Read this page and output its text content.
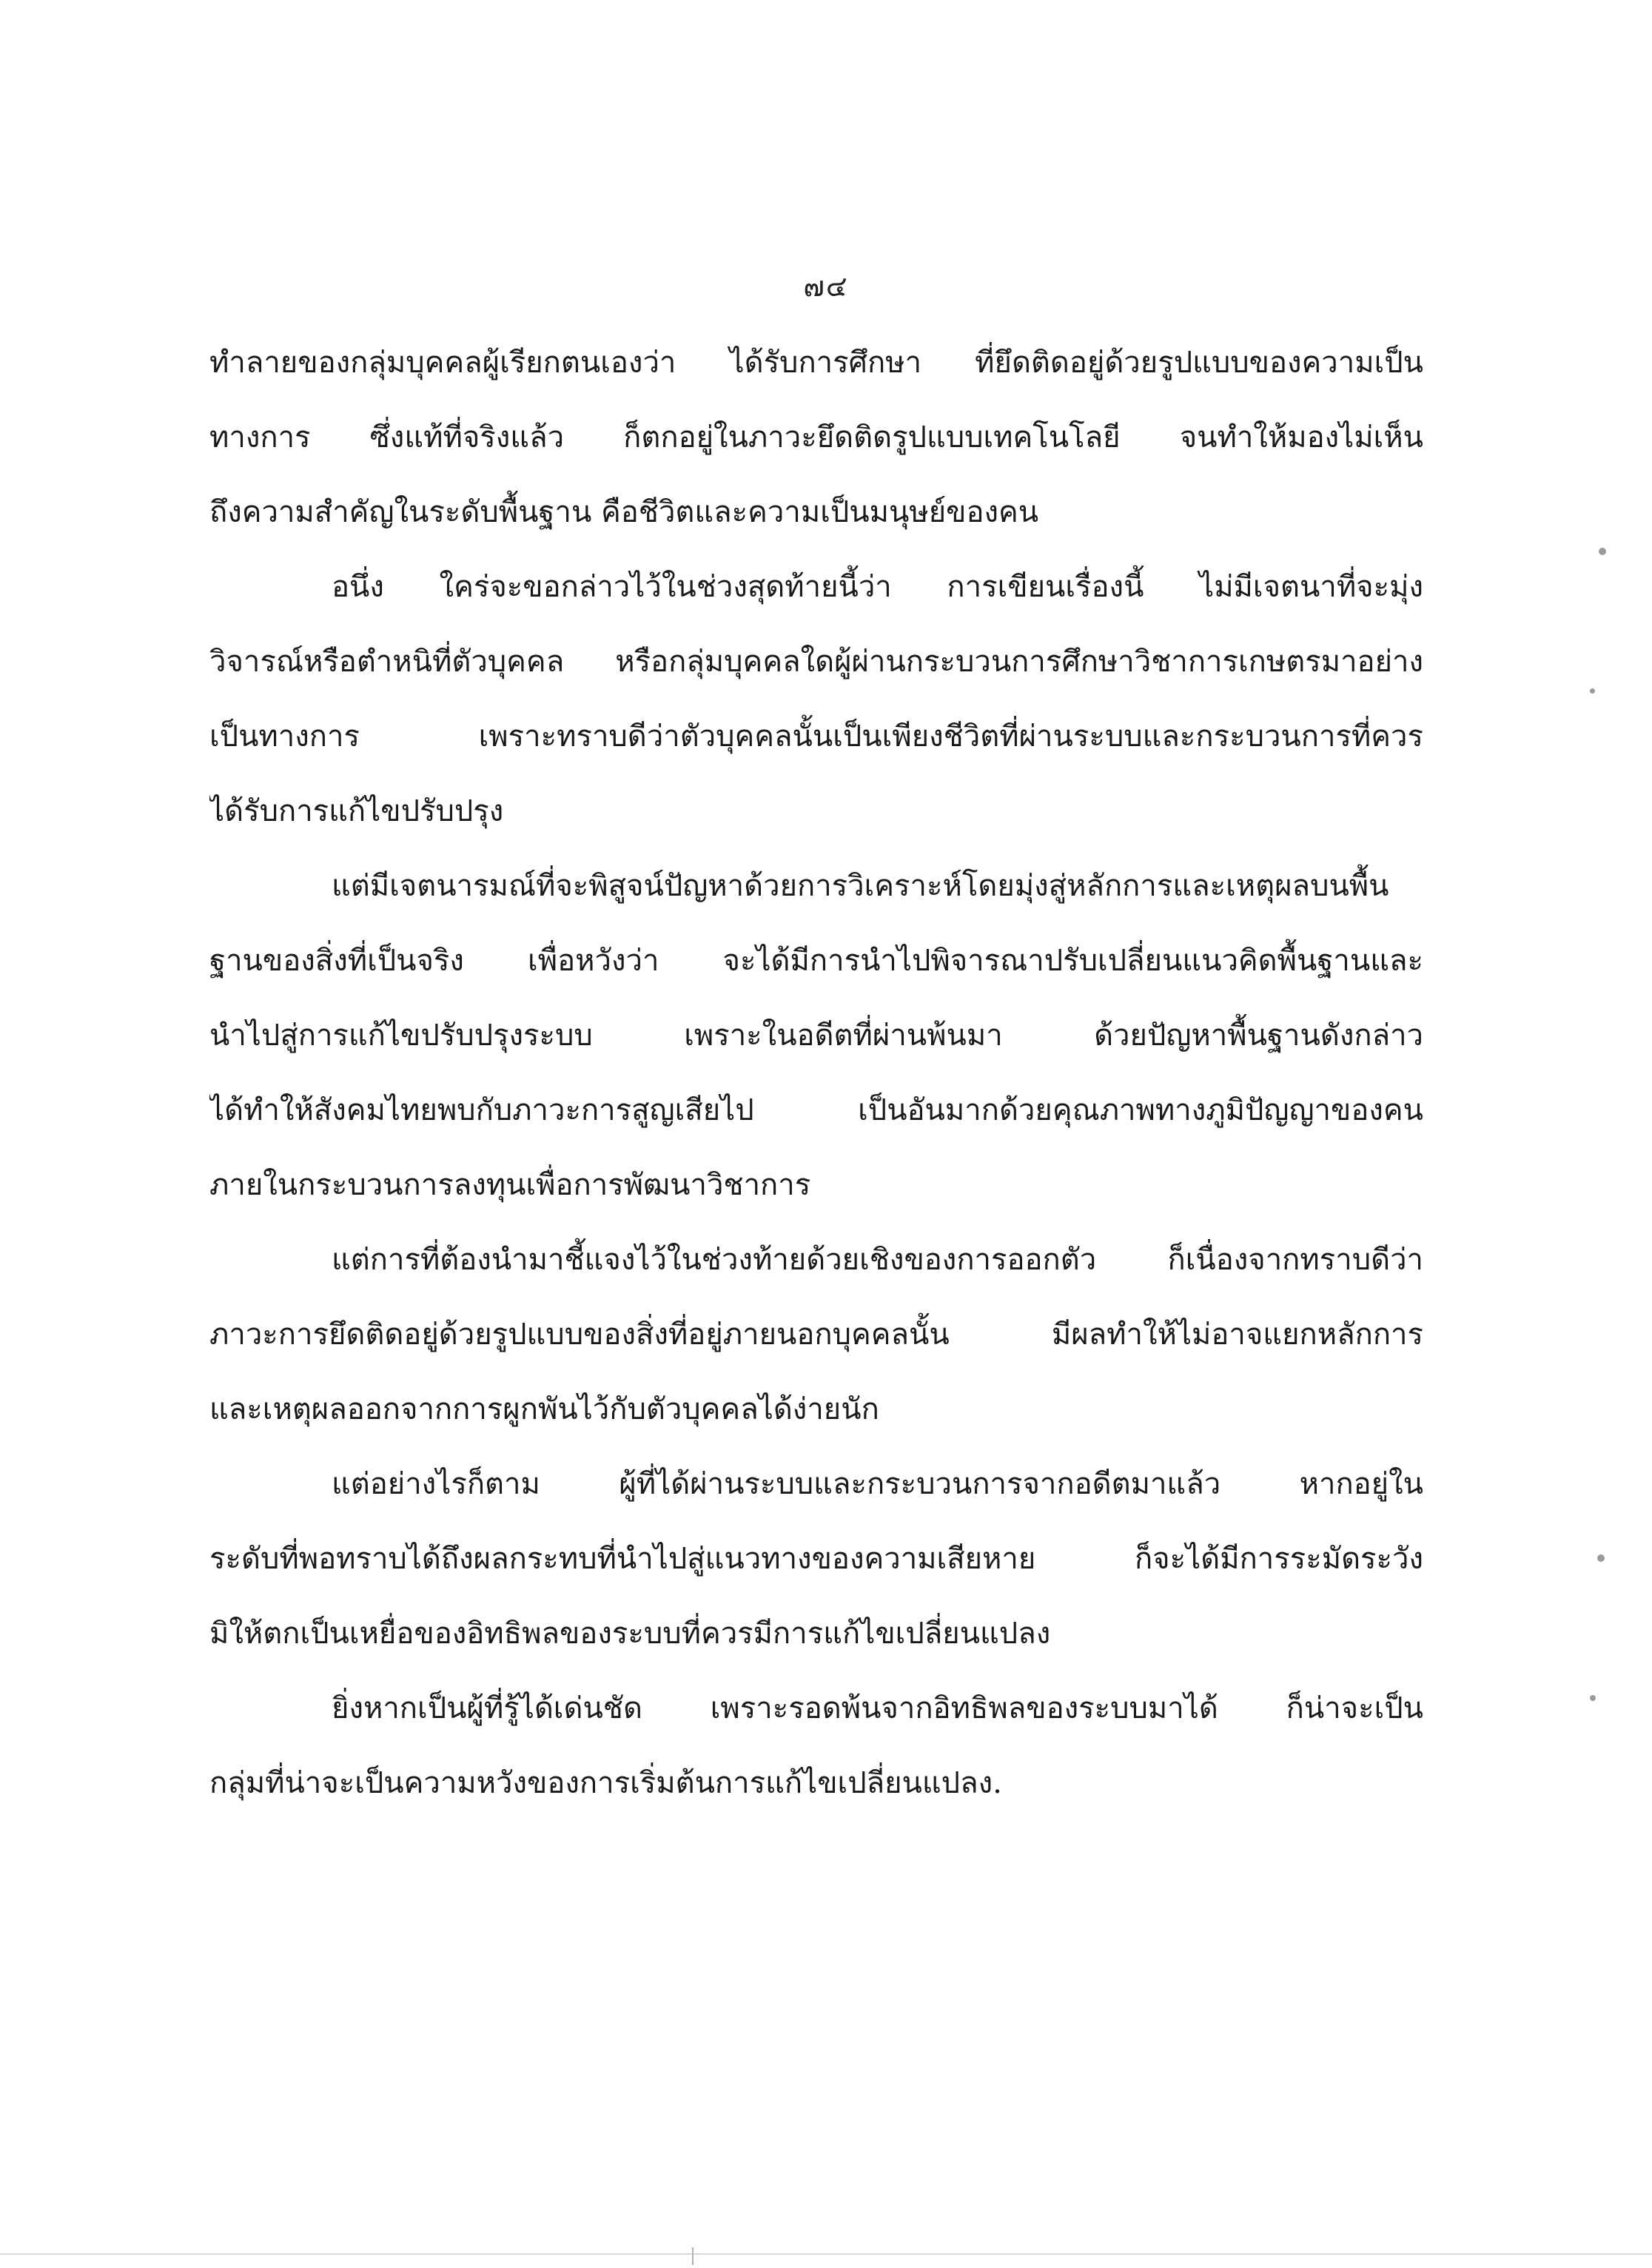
๗๔
ทำลายของกลุ่มบุคคลผู้เรียกตนเองว่า ได้รับการศึกษา ที่ยึดติดอยู่ด้วยรูปแบบของความเป็น
ทางการ ซึ่งแท้ที่จริงแล้ว ก็ตกอยู่ในภาวะยึดติดรูปแบบเทคโนโลยี จนทำให้มองไม่เห็น
ถึงความสำคัญในระดับพื้นฐาน คือชีวิตและความเป็นมนุษย์ของคน
อนึ่ง ใคร่จะขอกล่าวไว้ในช่วงสุดท้ายนี้ว่า การเขียนเรื่องนี้ ไม่มีเจตนาที่จะมุ่ง
วิจารณ์หรือตำหนิที่ตัวบุคคล หรือกลุ่มบุคคลใดผู้ผ่านกระบวนการศึกษาวิชาการเกษตรมาอย่าง
เป็นทางการ เพราะทราบดีว่าตัวบุคคลนั้นเป็นเพียงชีวิตที่ผ่านระบบและกระบวนการที่ควร
ได้รับการแก้ไขปรับปรุง
แต่มีเจตนารมณ์ที่จะพิสูจน์ปัญหาด้วยการวิเคราะห์โดยมุ่งสู่หลักการและเหตุผลบนพื้น
ฐานของสิ่งที่เป็นจริง เพื่อหวังว่า จะได้มีการนำไปพิจารณาปรับเปลี่ยนแนวคิดพื้นฐานและ
นำไปสู่การแก้ไขปรับปรุงระบบ เพราะในอดีตที่ผ่านพ้นมา ด้วยปัญหาพื้นฐานดังกล่าว
ได้ทำให้สังคมไทยพบกับภาวะการสูญเสียไป เป็นอันมากด้วยคุณภาพทางภูมิปัญญาของคน
ภายในกระบวนการลงทุนเพื่อการพัฒนาวิชาการ
แต่การที่ต้องนำมาชี้แจงไว้ในช่วงท้ายด้วยเชิงของการออกตัว ก็เนื่องจากทราบดีว่า
ภาวะการยึดติดอยู่ด้วยรูปแบบของสิ่งที่อยู่ภายนอกบุคคลนั้น มีผลทำให้ไม่อาจแยกหลักการ
และเหตุผลออกจากการผูกพันไว้กับตัวบุคคลได้ง่ายนัก
แต่อย่างไรก็ตาม ผู้ที่ได้ผ่านระบบและกระบวนการจากอดีตมาแล้ว หากอยู่ใน
ระดับที่พอทราบได้ถึงผลกระทบที่นำไปสู่แนวทางของความเสียหาย ก็จะได้มีการระมัดระวัง
มิให้ตกเป็นเหยื่อของอิทธิพลของระบบที่ควรมีการแก้ไขเปลี่ยนแปลง
ยิ่งหากเป็นผู้ที่รู้ได้เด่นชัด เพราะรอดพ้นจากอิทธิพลของระบบมาได้ ก็น่าจะเป็น
กลุ่มที่น่าจะเป็นความหวังของการเริ่มต้นการแก้ไขเปลี่ยนแปลง.
